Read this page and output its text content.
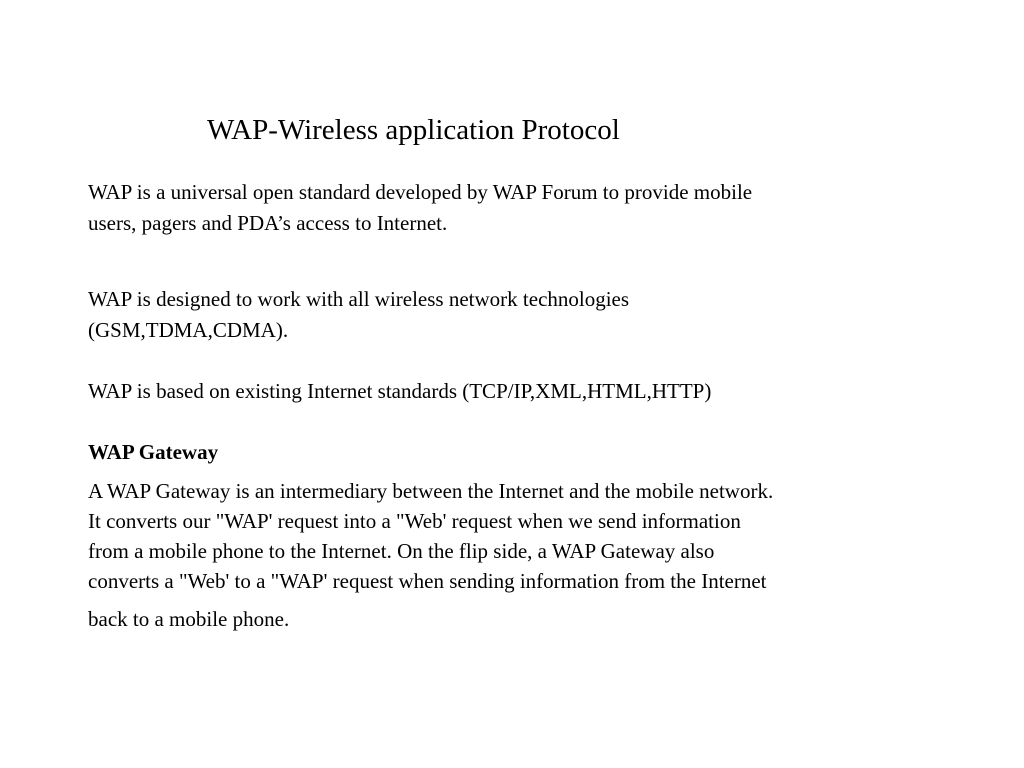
WAP-Wireless application Protocol
WAP is a universal open standard developed by WAP Forum to provide mobile
users, pagers and PDA’s access to Internet.
WAP is designed to work with all wireless network technologies
(GSM,TDMA,CDMA).
WAP is based on existing Internet standards (TCP/IP,XML,HTML,HTTP)
WAP Gateway
A WAP Gateway is an intermediary between the Internet and the mobile network.
It converts our "WAP' request into a "Web' request when we send information
from a mobile phone to the Internet. On the flip side, a WAP Gateway also
converts a "Web' to a "WAP' request when sending information from the Internet
back to a mobile phone.
